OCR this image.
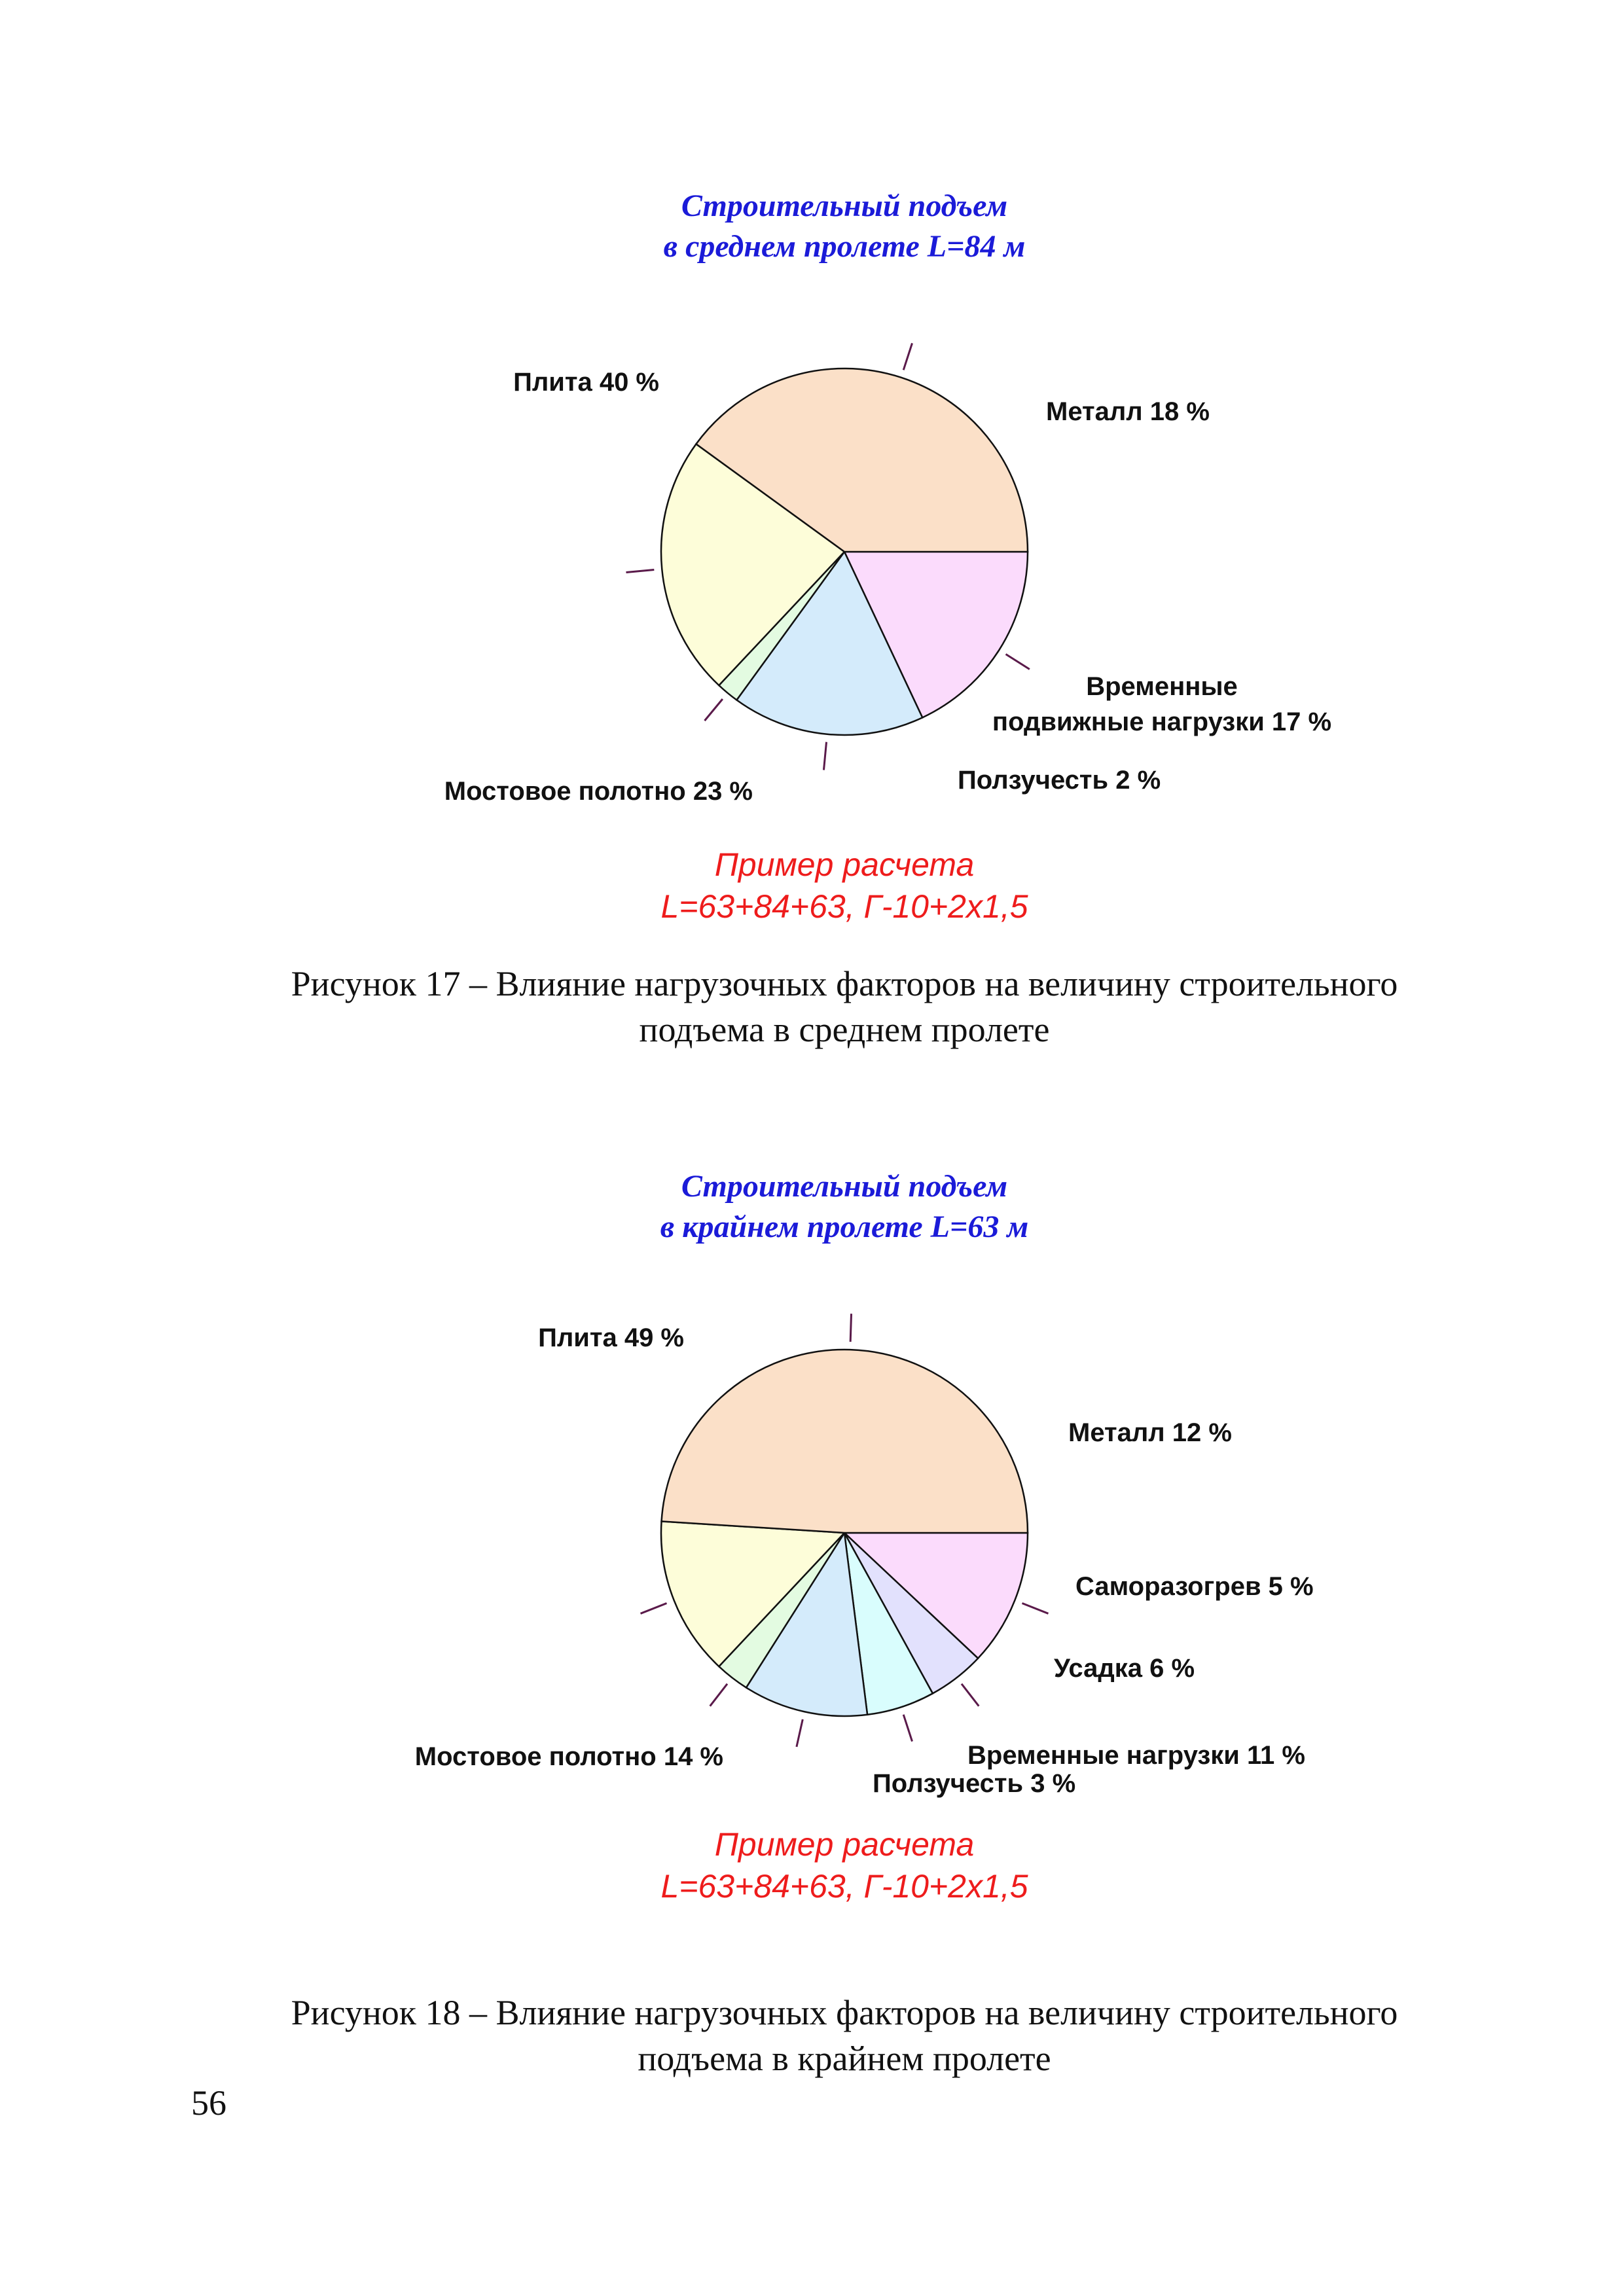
Строительный подъем в среднем пролете L=84 м
Металл 18 %
Временные подвижные нагрузки 17 %
Ползучесть 2 %
Мостовое полотно 23 %
Плита 40 %
Пример расчета L=63+84+63, Г-10+2х1,5
Строительный подъем в крайнем пролете L=63 м
Металл 12 %
Саморазогрев 5 %
Усадка 6 %
Временные нагрузки 11 %
Ползучесть 3 %
Мостовое полотно 14 %
Плита 49 %
Пример расчета L=63+84+63, Г-10+2х1,5
Рисунок 17 – Влияние нагрузочных факторов на величину строительного
подъема в среднем пролете
Рисунок 18 – Влияние нагрузочных факторов на величину строительного
подъема в крайнем пролете

56
